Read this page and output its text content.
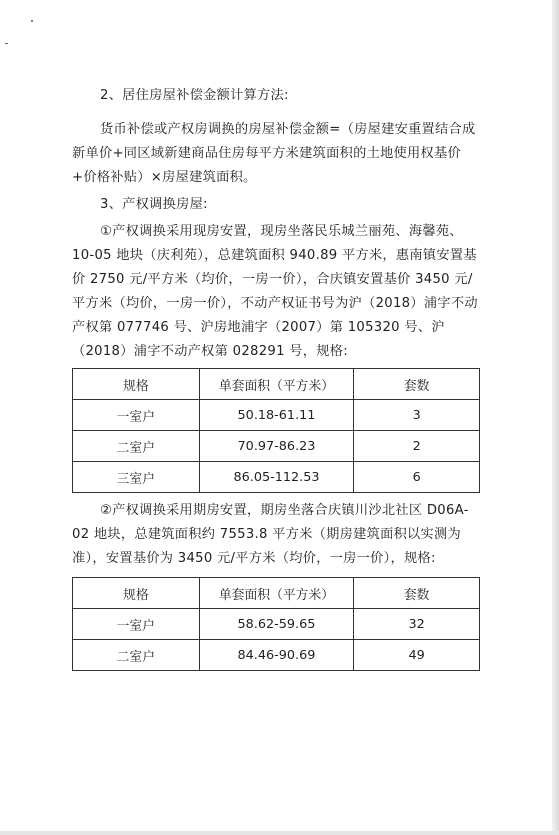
2、居住房屋补偿金额计算方法:

货币补偿或产权房调换的房屋补偿金额=（房屋建安重置结合成新单价+同区域新建商品住房每平方米建筑面积的土地使用权基价+价格补贴）×房屋建筑面积。

3、产权调换房屋:

①产权调换采用现房安置，现房坐落民乐城兰丽苑、海馨苑、10-05 地块（庆利苑），总建筑面积 940.89 平方米，惠南镇安置基价 2750 元/平方米（均价，一房一价），合庆镇安置基价 3450 元/平方米（均价，一房一价），不动产权证书号为沪（2018）浦字不动产权第 077746 号、沪房地浦字（2007）第 105320 号、沪（2018）浦字不动产权第 028291 号，规格:

规格	单套面积（平方米）	套数
一室户	50.18-61.11	3
二室户	70.97-86.23	2
三室户	86.05-112.53	6

②产权调换采用期房安置，期房坐落合庆镇川沙北社区 D06A-02 地块，总建筑面积约 7553.8 平方米（期房建筑面积以实测为准），安置基价为 3450 元/平方米（均价，一房一价），规格:

规格	单套面积（平方米）	套数
一室户	58.62-59.65	32
二室户	84.46-90.69	49
